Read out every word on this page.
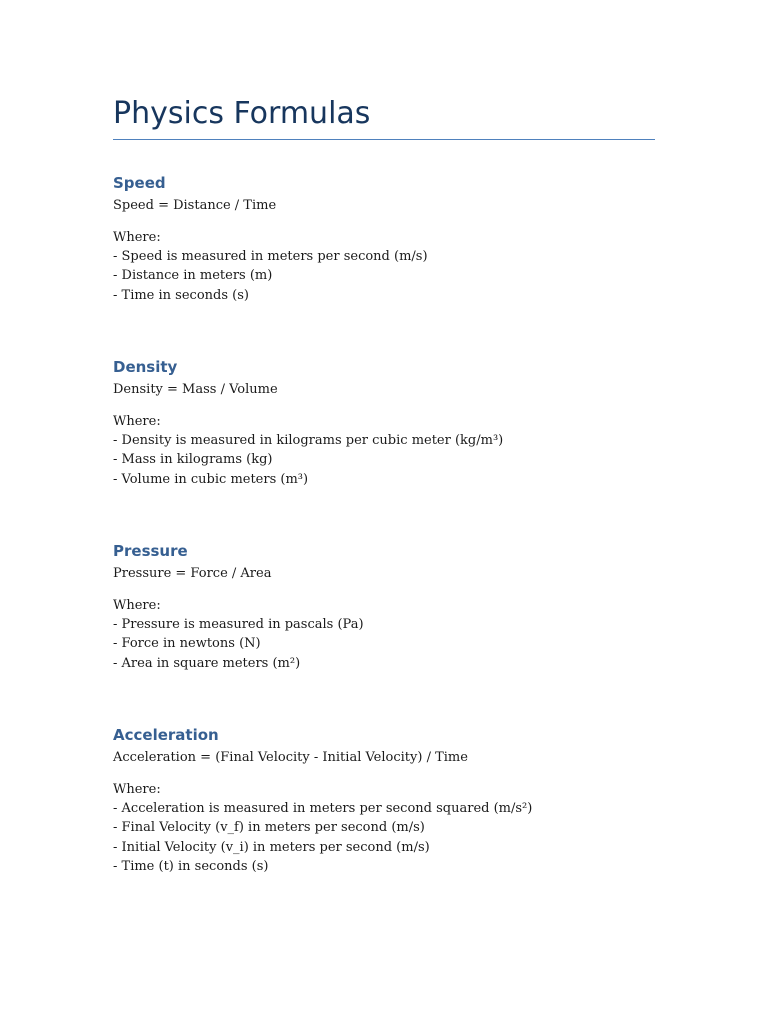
Physics Formulas
Speed

Speed = Distance / Time

Where:

- Speed is measured in meters per second (m/s)
- Distance in meters (m)
- Time in seconds (s)
Density

Density = Mass / Volume

Where:

- Density is measured in kilograms per cubic meter (kg/m³)
- Mass in kilograms (kg)
- Volume in cubic meters (m³)
Pressure

Pressure = Force / Area

Where:

- Pressure is measured in pascals (Pa)
- Force in newtons (N)
- Area in square meters (m²)
Acceleration

Acceleration = (Final Velocity - Initial Velocity) / Time

Where:

- Acceleration is measured in meters per second squared (m/s²)
- Final Velocity (v_f) in meters per second (m/s)
- Initial Velocity (v_i) in meters per second (m/s)
- Time (t) in seconds (s)
